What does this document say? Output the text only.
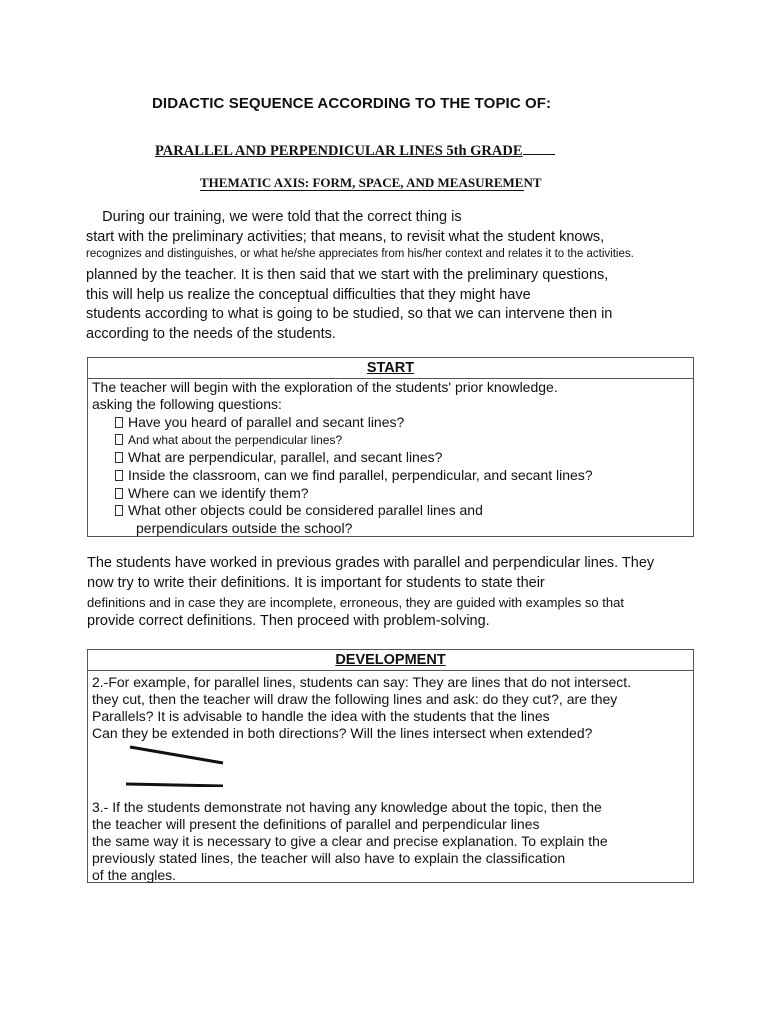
DIDACTIC SEQUENCE ACCORDING TO THE TOPIC OF:
PARALLEL AND PERPENDICULAR LINES 5th GRADE
THEMATIC AXIS: FORM, SPACE, AND MEASUREMENT
During our training, we were told that the correct thing is
start with the preliminary activities; that means, to revisit what the student knows,
recognizes and distinguishes, or what he/she appreciates from his/her context and relates it to the activities.
planned by the teacher. It is then said that we start with the preliminary questions,
this will help us realize the conceptual difficulties that they might have
students according to what is going to be studied, so that we can intervene then in
according to the needs of the students.
START
The teacher will begin with the exploration of the students' prior knowledge.
asking the following questions:
Have you heard of parallel and secant lines?
And what about the perpendicular lines?
What are perpendicular, parallel, and secant lines?
Inside the classroom, can we find parallel, perpendicular, and secant lines?
Where can we identify them?
What other objects could be considered parallel lines and
perpendiculars outside the school?
The students have worked in previous grades with parallel and perpendicular lines. They
now try to write their definitions. It is important for students to state their
definitions and in case they are incomplete, erroneous, they are guided with examples so that
provide correct definitions. Then proceed with problem-solving.
DEVELOPMENT
2.-For example, for parallel lines, students can say: They are lines that do not intersect.
they cut, then the teacher will draw the following lines and ask: do they cut?, are they
Parallels? It is advisable to handle the idea with the students that the lines
Can they be extended in both directions? Will the lines intersect when extended?
3.- If the students demonstrate not having any knowledge about the topic, then the
the teacher will present the definitions of parallel and perpendicular lines
the same way it is necessary to give a clear and precise explanation. To explain the
previously stated lines, the teacher will also have to explain the classification
of the angles.
